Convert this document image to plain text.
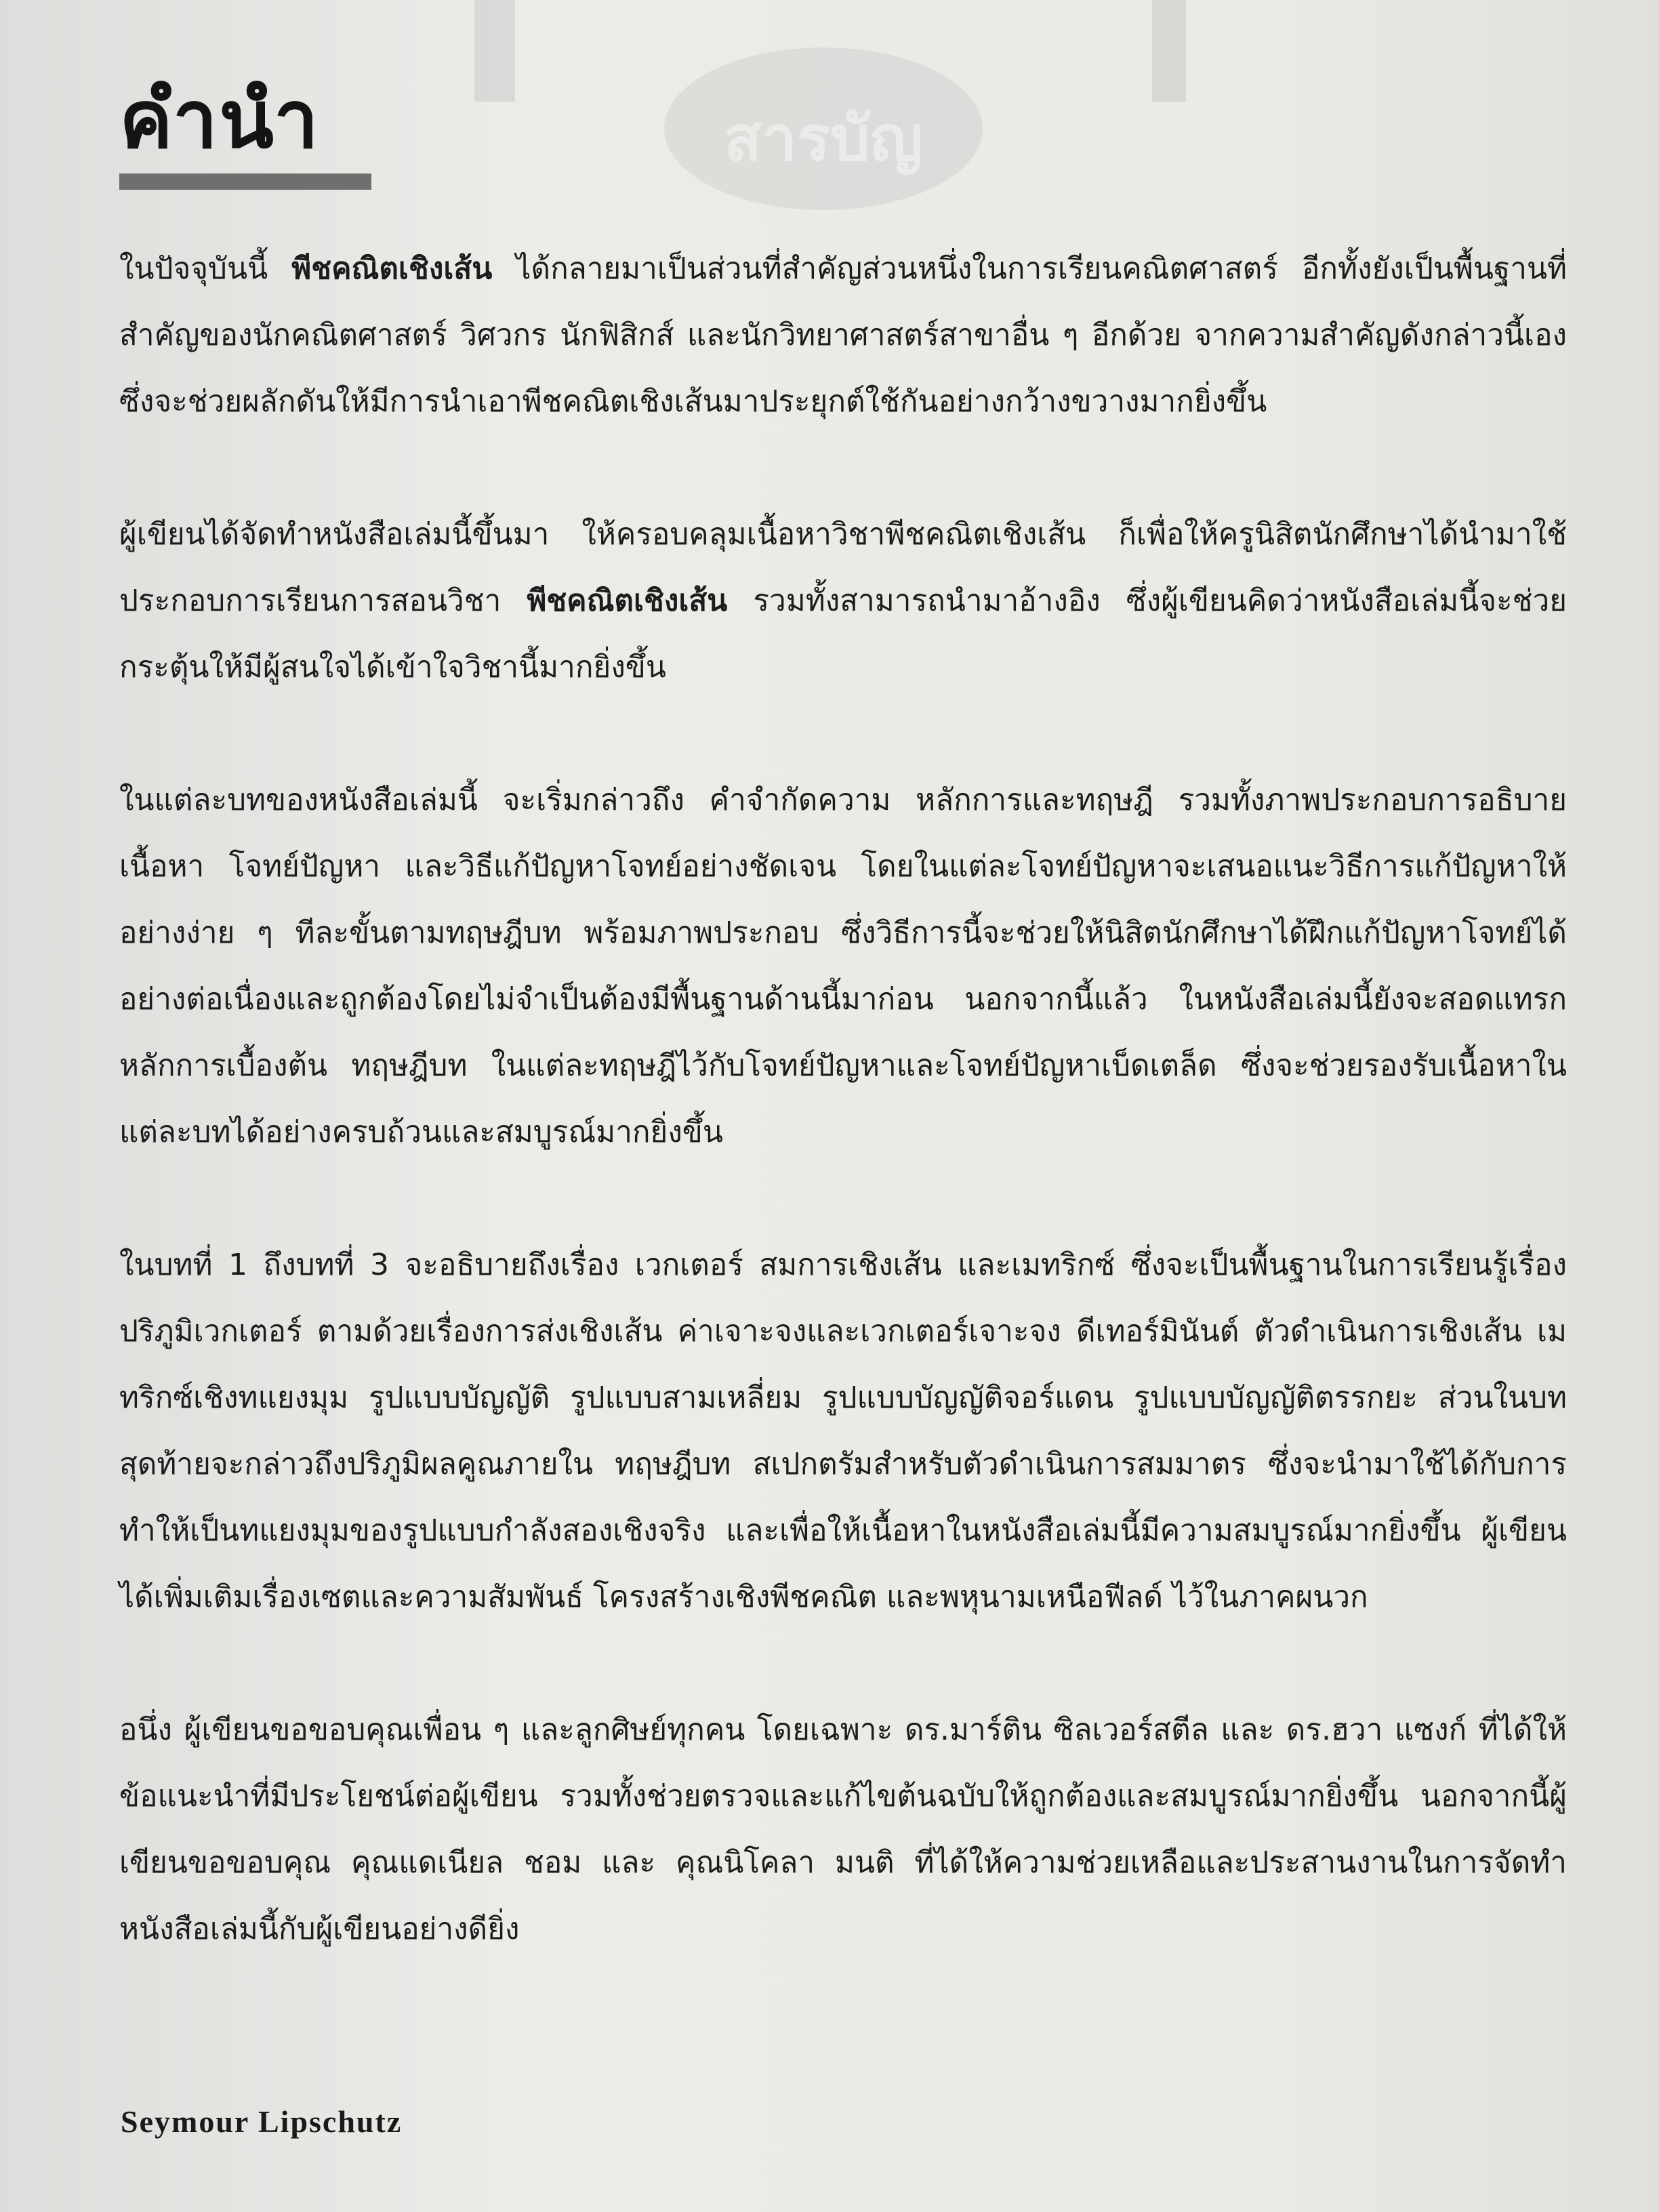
สารบัญ
คำนำ

ในปัจจุบันนี้ พีชคณิตเชิงเส้น ได้กลายมาเป็นส่วนที่สำคัญส่วนหนึ่งในการเรียนคณิตศาสตร์ อีกทั้งยังเป็นพื้นฐานที่สำคัญของนักคณิตศาสตร์ วิศวกร นักฟิสิกส์ และนักวิทยาศาสตร์สาขาอื่น ๆ อีกด้วย จากความสำคัญดังกล่าวนี้เอง ซึ่งจะช่วยผลักดันให้มีการนำเอาพีชคณิตเชิงเส้นมาประยุกต์ใช้กันอย่างกว้างขวางมากยิ่งขึ้น

ผู้เขียนได้จัดทำหนังสือเล่มนี้ขึ้นมา ให้ครอบคลุมเนื้อหาวิชาพีชคณิตเชิงเส้น ก็เพื่อให้ครูนิสิตนักศึกษาได้นำมาใช้ประกอบการเรียนการสอนวิชา พีชคณิตเชิงเส้น รวมทั้งสามารถนำมาอ้างอิง ซึ่งผู้เขียนคิดว่าหนังสือเล่มนี้จะช่วยกระตุ้นให้มีผู้สนใจได้เข้าใจวิชานี้มากยิ่งขึ้น

ในแต่ละบทของหนังสือเล่มนี้ จะเริ่มกล่าวถึง คำจำกัดความ หลักการและทฤษฎี รวมทั้งภาพประกอบการอธิบายเนื้อหา โจทย์ปัญหา และวิธีแก้ปัญหาโจทย์อย่างชัดเจน โดยในแต่ละโจทย์ปัญหาจะเสนอแนะวิธีการแก้ปัญหาให้อย่างง่าย ๆ ทีละขั้นตามทฤษฎีบท พร้อมภาพประกอบ ซึ่งวิธีการนี้จะช่วยให้นิสิตนักศึกษาได้ฝึกแก้ปัญหาโจทย์ได้อย่างต่อเนื่องและถูกต้องโดยไม่จำเป็นต้องมีพื้นฐานด้านนี้มาก่อน นอกจากนี้แล้ว ในหนังสือเล่มนี้ยังจะสอดแทรกหลักการเบื้องต้น ทฤษฎีบท ในแต่ละทฤษฎีไว้กับโจทย์ปัญหาและโจทย์ปัญหาเบ็ดเตล็ด ซึ่งจะช่วยรองรับเนื้อหาในแต่ละบทได้อย่างครบถ้วนและสมบูรณ์มากยิ่งขึ้น

ในบทที่ 1 ถึงบทที่ 3 จะอธิบายถึงเรื่อง เวกเตอร์ สมการเชิงเส้น และเมทริกซ์ ซึ่งจะเป็นพื้นฐานในการเรียนรู้เรื่องปริภูมิเวกเตอร์ ตามด้วยเรื่องการส่งเชิงเส้น ค่าเจาะจงและเวกเตอร์เจาะจง ดีเทอร์มินันต์ ตัวดำเนินการเชิงเส้น เมทริกซ์เชิงทแยงมุม รูปแบบบัญญัติ รูปแบบสามเหลี่ยม รูปแบบบัญญัติจอร์แดน รูปแบบบัญญัติตรรกยะ ส่วนในบทสุดท้ายจะกล่าวถึงปริภูมิผลคูณภายใน ทฤษฎีบท สเปกตรัมสำหรับตัวดำเนินการสมมาตร ซึ่งจะนำมาใช้ได้กับการทำให้เป็นทแยงมุมของรูปแบบกำลังสองเชิงจริง และเพื่อให้เนื้อหาในหนังสือเล่มนี้มีความสมบูรณ์มากยิ่งขึ้น ผู้เขียนได้เพิ่มเติมเรื่องเซตและความสัมพันธ์ โครงสร้างเชิงพีชคณิต และพหุนามเหนือฟีลด์ ไว้ในภาคผนวก

อนึ่ง ผู้เขียนขอขอบคุณเพื่อน ๆ และลูกศิษย์ทุกคน โดยเฉพาะ ดร.มาร์ติน ซิลเวอร์สตีล และ ดร.ฮวา แซงก์ ที่ได้ให้ข้อแนะนำที่มีประโยชน์ต่อผู้เขียน รวมทั้งช่วยตรวจและแก้ไขต้นฉบับให้ถูกต้องและสมบูรณ์มากยิ่งขึ้น นอกจากนี้ผู้เขียนขอขอบคุณ คุณแดเนียล ชอม และ คุณนิโคลา มนติ ที่ได้ให้ความช่วยเหลือและประสานงานในการจัดทำหนังสือเล่มนี้กับผู้เขียนอย่างดียิ่ง

Seymour Lipschutz
